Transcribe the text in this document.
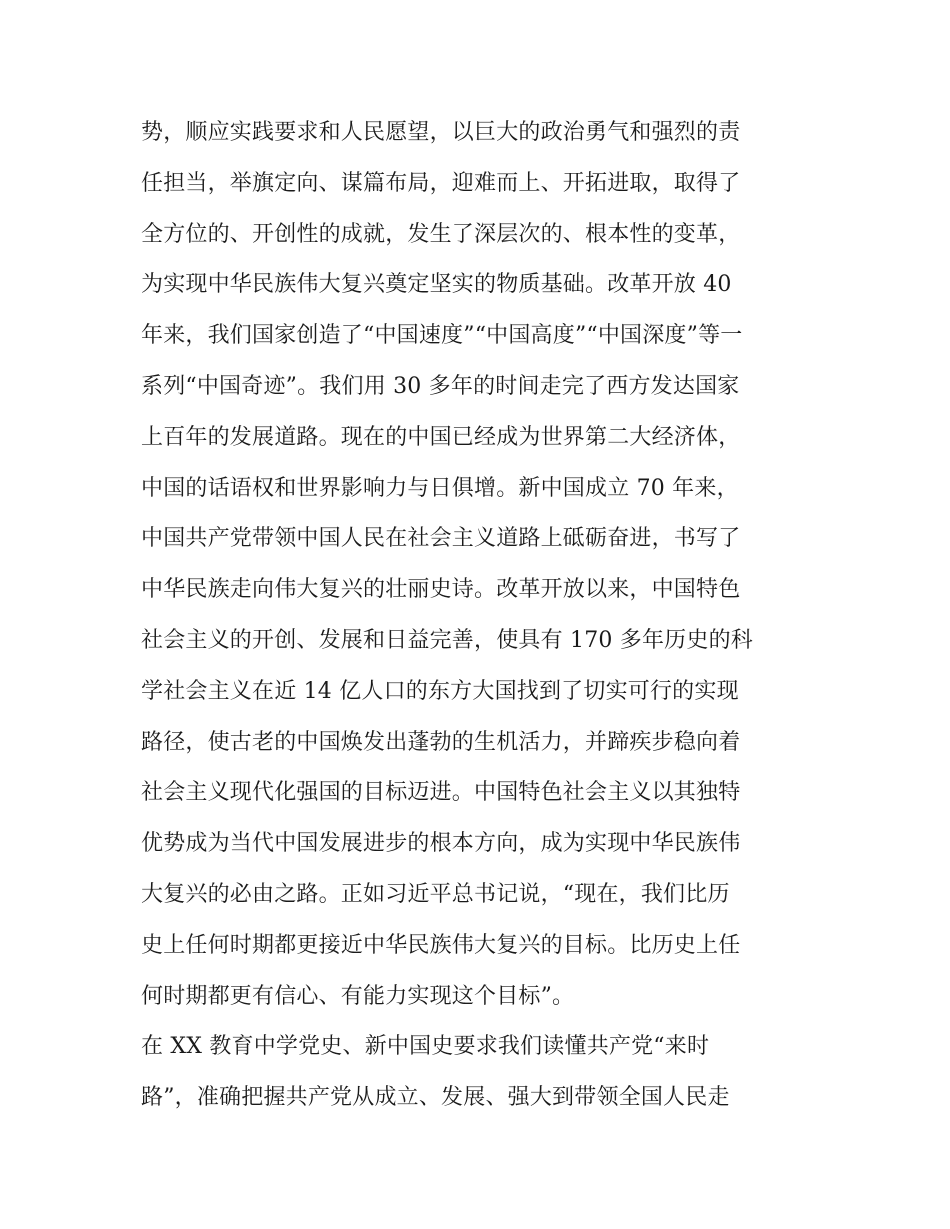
势，顺应实践要求和人民愿望，以巨大的政治勇气和强烈的责
任担当，举旗定向、谋篇布局，迎难而上、开拓进取，取得了
全方位的、开创性的成就，发生了深层次的、根本性的变革，
为实现中华民族伟大复兴奠定坚实的物质基础。改革开放 40
年来，我们国家创造了“中国速度”“中国高度”“中国深度”等一
系列“中国奇迹”。我们用 30 多年的时间走完了西方发达国家
上百年的发展道路。现在的中国已经成为世界第二大经济体，
中国的话语权和世界影响力与日俱增。新中国成立 70 年来，
中国共产党带领中国人民在社会主义道路上砥砺奋进，书写了
中华民族走向伟大复兴的壮丽史诗。改革开放以来，中国特色
社会主义的开创、发展和日益完善，使具有 170 多年历史的科
学社会主义在近 14 亿人口的东方大国找到了切实可行的实现
路径，使古老的中国焕发出蓬勃的生机活力，并蹄疾步稳向着
社会主义现代化强国的目标迈进。中国特色社会主义以其独特
优势成为当代中国发展进步的根本方向，成为实现中华民族伟
大复兴的必由之路。正如习近平总书记说，“现在，我们比历
史上任何时期都更接近中华民族伟大复兴的目标。比历史上任
何时期都更有信心、有能力实现这个目标”。
在 XX 教育中学党史、新中国史要求我们读懂共产党“来时
路”，准确把握共产党从成立、发展、强大到带领全国人民走
